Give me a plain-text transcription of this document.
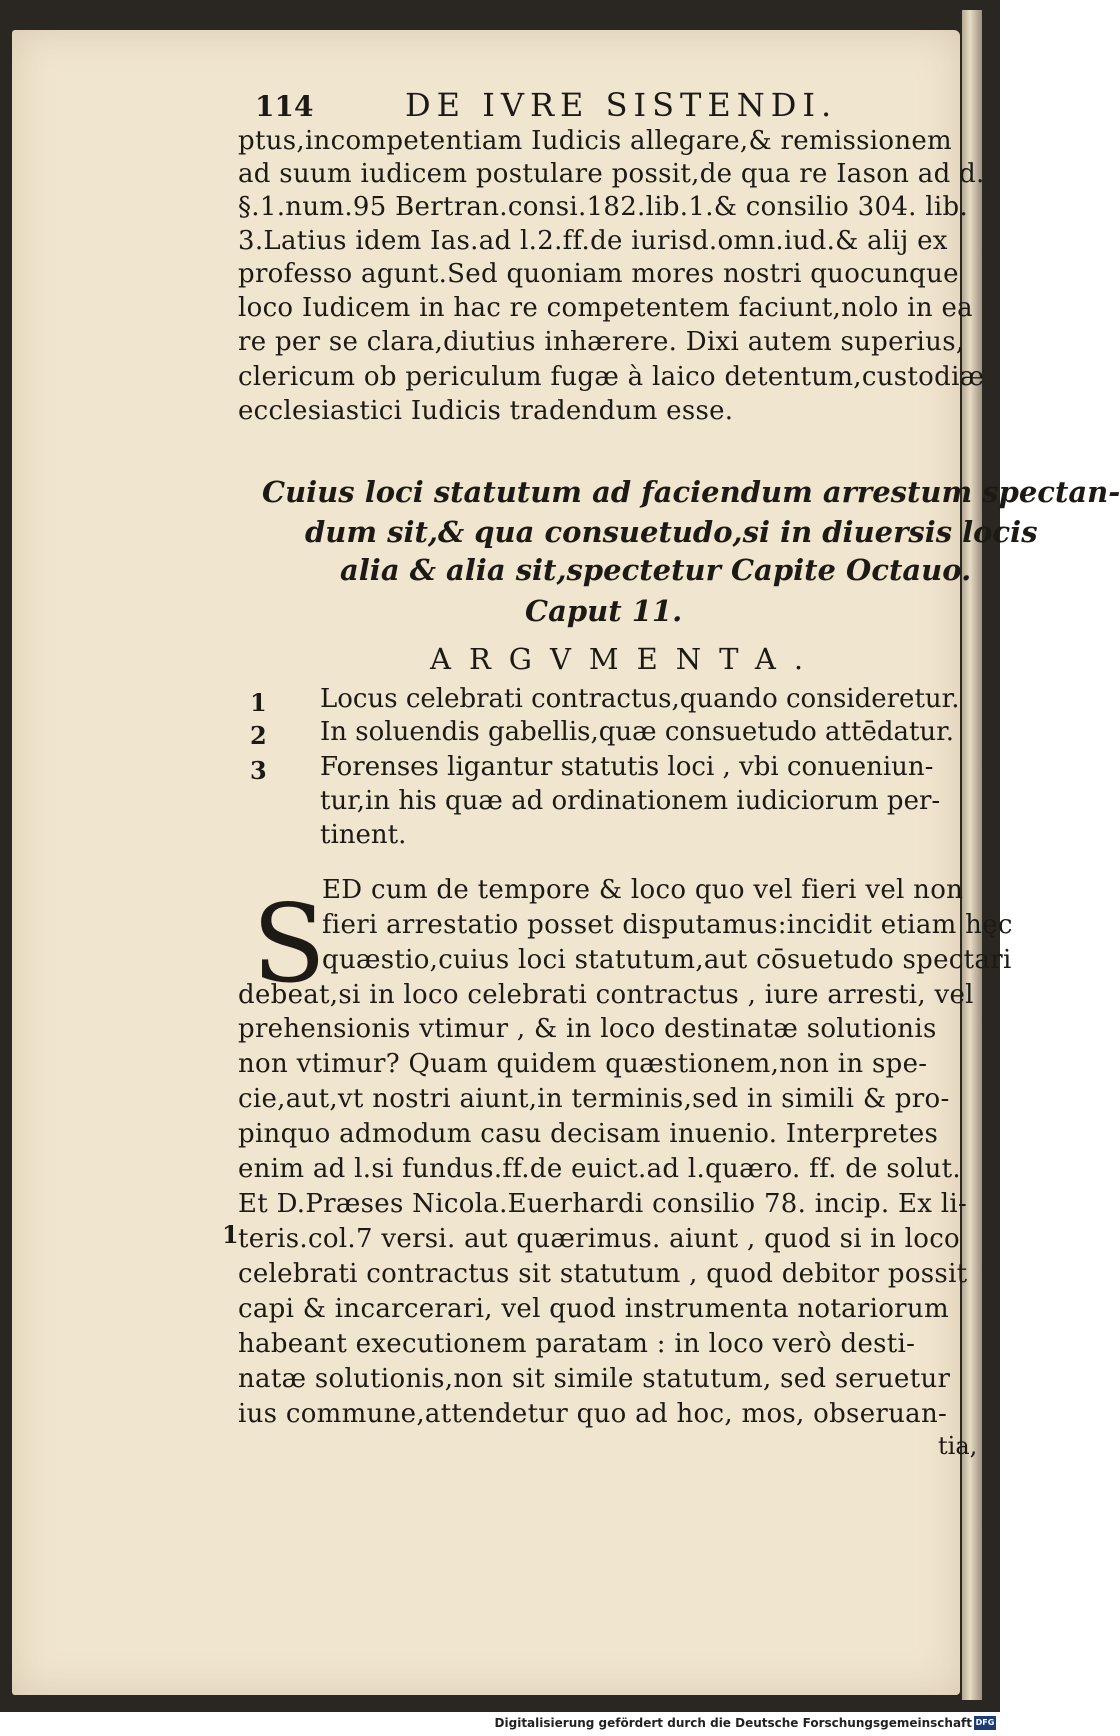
114	DE IVRE SISTENDI.
ptus,incompetentiam Iudicis allegare,& remissionem
ad suum iudicem postulare possit,de qua re Iason ad d.
§.1.num.95 Bertran.consi.182.lib.1.& consilio 304. lib.
3.Latius idem Ias.ad l.2.ff.de iurisd.omn.iud.& alij ex
professo agunt.Sed quoniam mores nostri quocunque
loco Iudicem in hac re competentem faciunt,nolo in ea
re per se clara,diutius inhærere. Dixi autem superius,
clericum ob periculum fugæ à laico detentum,custodiæ
ecclesiastici Iudicis tradendum esse.
Cuius loci statutum ad faciendum arrestum spectan-
dum sit,& qua consuetudo,si in diuersis locis
alia & alia sit,spectetur Capite Octauo.
Caput 11.
ARGVMENTA.
1 Locus celebrati contractus,quando consideretur.
2 In soluendis gabellis,quæ consuetudo attēdatur.
3 Forenses ligantur statutis loci , vbi conueniun-
tur,in his quæ ad ordinationem iudiciorum per-
tinent.
S
ED cum de tempore & loco quo vel fieri vel non
fieri arrestatio posset disputamus:incidit etiam hęc
quæstio,cuius loci statutum,aut cōsuetudo spectari
debeat,si in loco celebrati contractus , iure arresti, vel
prehensionis vtimur , & in loco destinatæ solutionis
non vtimur? Quam quidem quæstionem,non in spe-
cie,aut,vt nostri aiunt,in terminis,sed in simili & pro-
pinquo admodum casu decisam inuenio. Interpretes
enim ad l.si fundus.ff.de euict.ad l.quæro. ff. de solut.
1
Et D.Præses Nicola.Euerhardi consilio 78. incip. Ex li-
teris.col.7 versi. aut quærimus. aiunt , quod si in loco
celebrati contractus sit statutum , quod debitor possit
capi & incarcerari, vel quod instrumenta notariorum
habeant executionem paratam : in loco verò desti-
natæ solutionis,non sit simile statutum, sed seruetur
ius commune,attendetur quo ad hoc, mos, obseruan-
tia,
Digitalisierung gefördert durch die Deutsche Forschungsgemeinschaft DFG
